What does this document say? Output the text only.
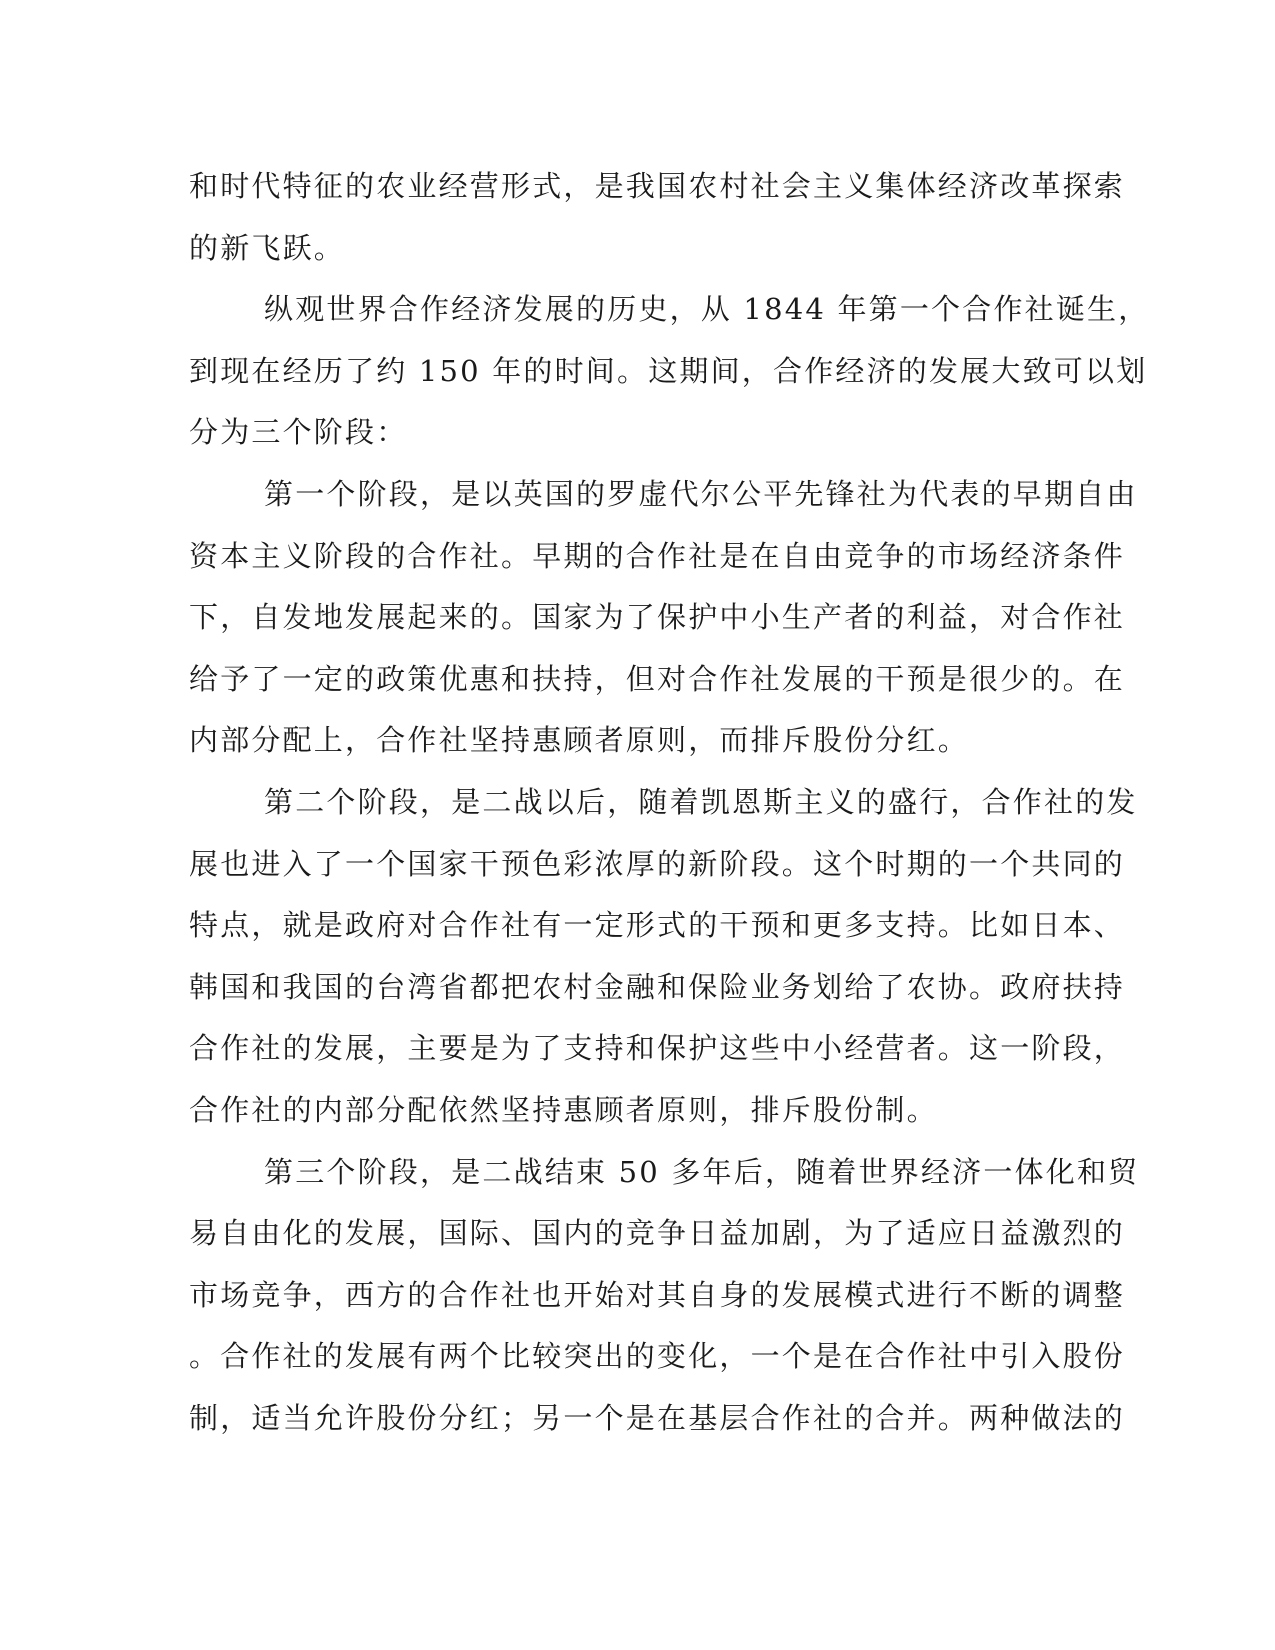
和时代特征的农业经营形式，是我国农村社会主义集体经济改革探索
的新飞跃。

纵观世界合作经济发展的历史，从 1844 年第一个合作社诞生，
到现在经历了约 150 年的时间。这期间，合作经济的发展大致可以划
分为三个阶段：

第一个阶段，是以英国的罗虚代尔公平先锋社为代表的早期自由
资本主义阶段的合作社。早期的合作社是在自由竞争的市场经济条件
下，自发地发展起来的。国家为了保护中小生产者的利益，对合作社
给予了一定的政策优惠和扶持，但对合作社发展的干预是很少的。在
内部分配上，合作社坚持惠顾者原则，而排斥股份分红。

第二个阶段，是二战以后，随着凯恩斯主义的盛行，合作社的发
展也进入了一个国家干预色彩浓厚的新阶段。这个时期的一个共同的
特点，就是政府对合作社有一定形式的干预和更多支持。比如日本、
韩国和我国的台湾省都把农村金融和保险业务划给了农协。政府扶持
合作社的发展，主要是为了支持和保护这些中小经营者。这一阶段，
合作社的内部分配依然坚持惠顾者原则，排斥股份制。

第三个阶段，是二战结束 50 多年后，随着世界经济一体化和贸
易自由化的发展，国际、国内的竞争日益加剧，为了适应日益激烈的
市场竞争，西方的合作社也开始对其自身的发展模式进行不断的调整
。合作社的发展有两个比较突出的变化，一个是在合作社中引入股份
制，适当允许股份分红；另一个是在基层合作社的合并。两种做法的
